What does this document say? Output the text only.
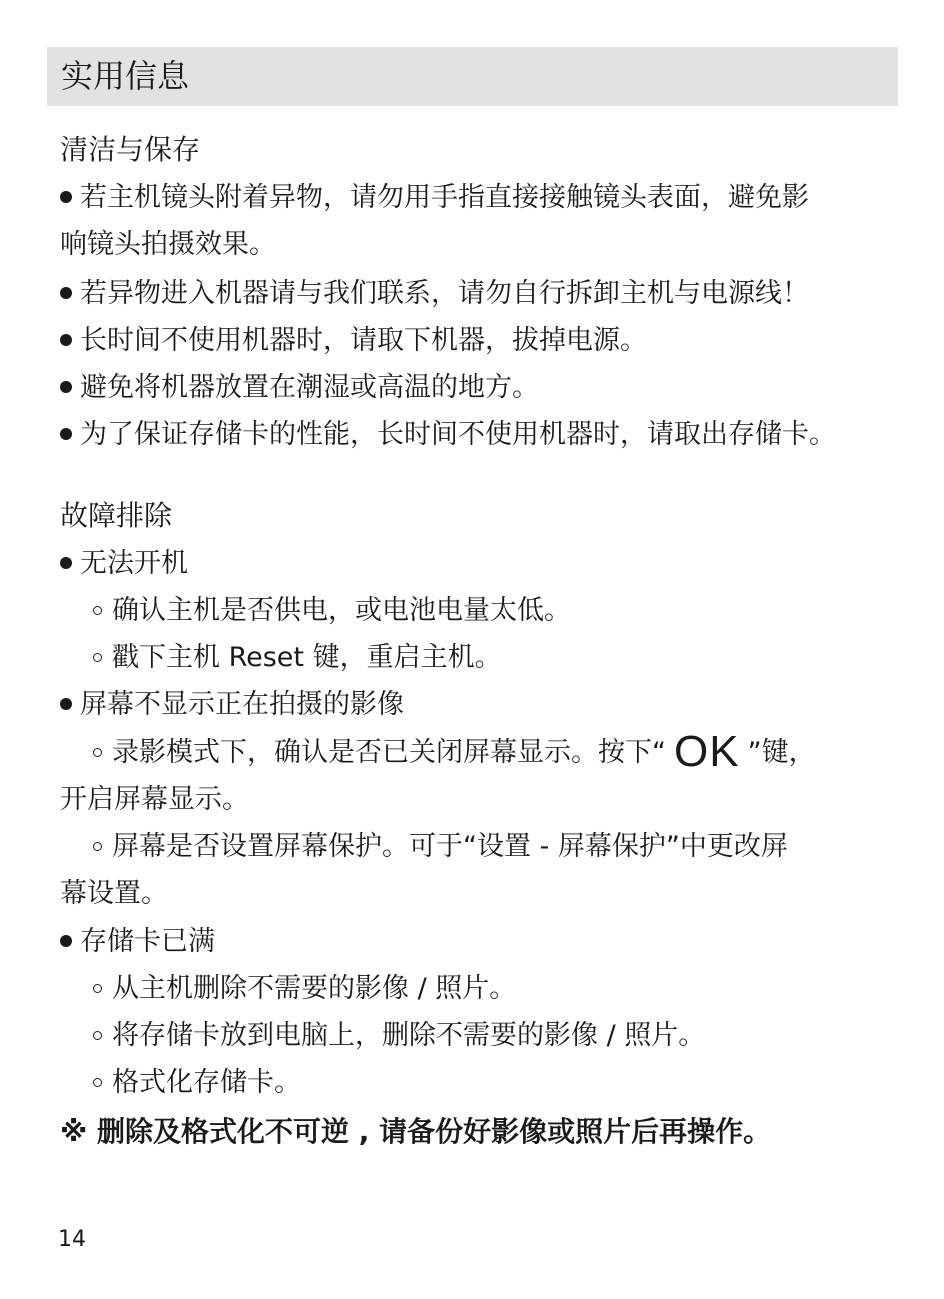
实用信息
清洁与保存
若主机镜头附着异物，请勿用手指直接接触镜头表面，避免影
响镜头拍摄效果。
若异物进入机器请与我们联系，请勿自行拆卸主机与电源线！
长时间不使用机器时，请取下机器，拔掉电源。
避免将机器放置在潮湿或高温的地方。
为了保证存储卡的性能，长时间不使用机器时，请取出存储卡。
故障排除
无法开机
确认主机是否供电，或电池电量太低。
戳下主机 Reset 键，重启主机。
屏幕不显示正在拍摄的影像
录影模式下，确认是否已关闭屏幕显示。按下“ OK ”键，
开启屏幕显示。
屏幕是否设置屏幕保护。可于“设置 - 屏幕保护”中更改屏
幕设置。
存储卡已满
从主机删除不需要的影像 / 照片。
将存储卡放到电脑上，删除不需要的影像 / 照片。
格式化存储卡。
※ 删除及格式化不可逆 , 请备份好影像或照片后再操作。
14
